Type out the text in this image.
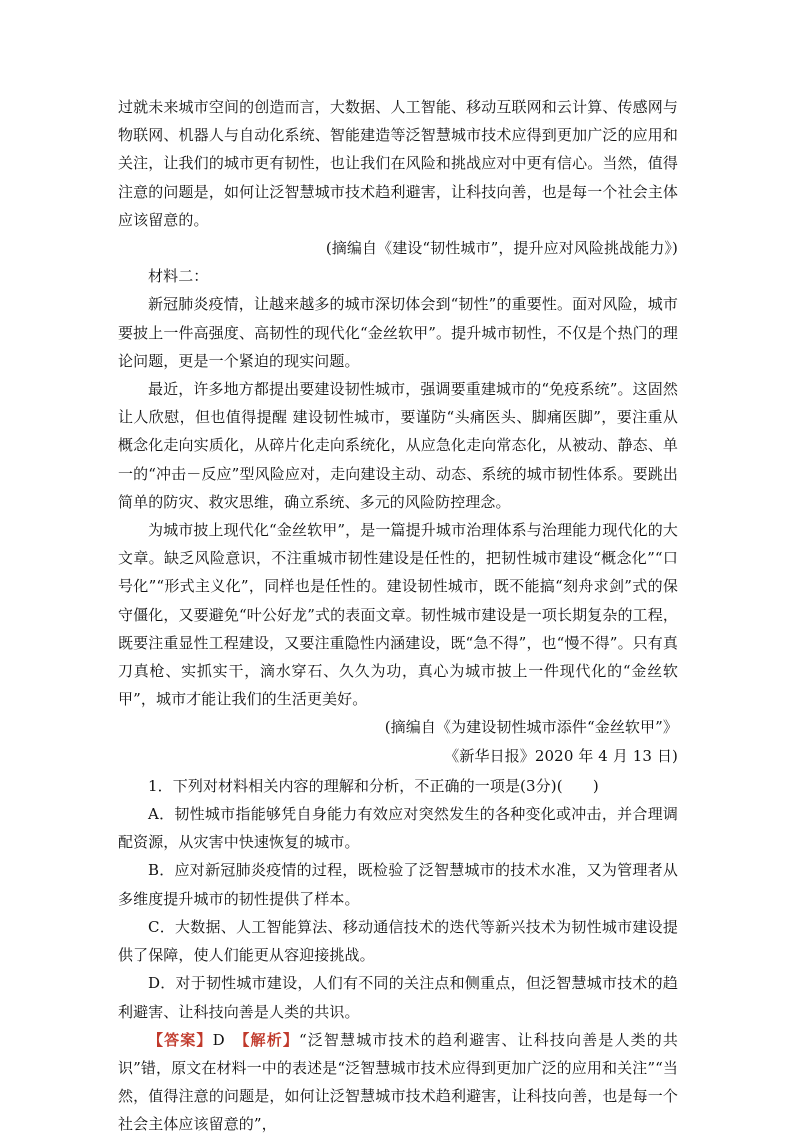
过就未来城市空间的创造而言，大数据、人工智能、移动互联网和云计算、传感网与物联网、机器人与自动化系统、智能建造等泛智慧城市技术应得到更加广泛的应用和关注，让我们的城市更有韧性，也让我们在风险和挑战应对中更有信心。当然，值得注意的问题是，如何让泛智慧城市技术趋利避害，让科技向善，也是每一个社会主体应该留意的。

(摘编自《建设“韧性城市”，提升应对风险挑战能力》)

材料二：

新冠肺炎疫情，让越来越多的城市深切体会到“韧性”的重要性。面对风险，城市要披上一件高强度、高韧性的现代化“金丝软甲”。提升城市韧性，不仅是个热门的理论问题，更是一个紧迫的现实问题。

最近，许多地方都提出要建设韧性城市，强调要重建城市的“免疫系统”。这固然让人欣慰，但也值得提醒 建设韧性城市，要谨防“头痛医头、脚痛医脚”，要注重从概念化走向实质化，从碎片化走向系统化，从应急化走向常态化，从被动、静态、单一的“冲击－反应”型风险应对，走向建设主动、动态、系统的城市韧性体系。要跳出简单的防灾、救灾思维，确立系统、多元的风险防控理念。

为城市披上现代化“金丝软甲”，是一篇提升城市治理体系与治理能力现代化的大文章。缺乏风险意识，不注重城市韧性建设是任性的，把韧性城市建设“概念化”“口号化”“形式主义化”，同样也是任性的。建设韧性城市，既不能搞“刻舟求剑”式的保守僵化，又要避免“叶公好龙”式的表面文章。韧性城市建设是一项长期复杂的工程，既要注重显性工程建设，又要注重隐性内涵建设，既“急不得”，也“慢不得”。只有真刀真枪、实抓实干，滴水穿石、久久为功，真心为城市披上一件现代化的“金丝软甲”，城市才能让我们的生活更美好。

(摘编自《为建设韧性城市添件“金丝软甲”》

《新华日报》2020 年 4 月 13 日)

1．下列对材料相关内容的理解和分析，不正确的一项是(3分)(　　)

A．韧性城市指能够凭自身能力有效应对突然发生的各种变化或冲击，并合理调配资源，从灾害中快速恢复的城市。

B．应对新冠肺炎疫情的过程，既检验了泛智慧城市的技术水准，又为管理者从多维度提升城市的韧性提供了样本。

C．大数据、人工智能算法、移动通信技术的迭代等新兴技术为韧性城市建设提供了保障，使人们能更从容迎接挑战。

D．对于韧性城市建设，人们有不同的关注点和侧重点，但泛智慧城市技术的趋利避害、让科技向善是人类的共识。

【答案】D　 【解析】“泛智慧城市技术的趋利避害、让科技向善是人类的共识”错，原文在材料一中的表述是“泛智慧城市技术应得到更加广泛的应用和关注”“当然，值得注意的问题是，如何让泛智慧城市技术趋利避害，让科技向善，也是每一个社会主体应该留意的”，
